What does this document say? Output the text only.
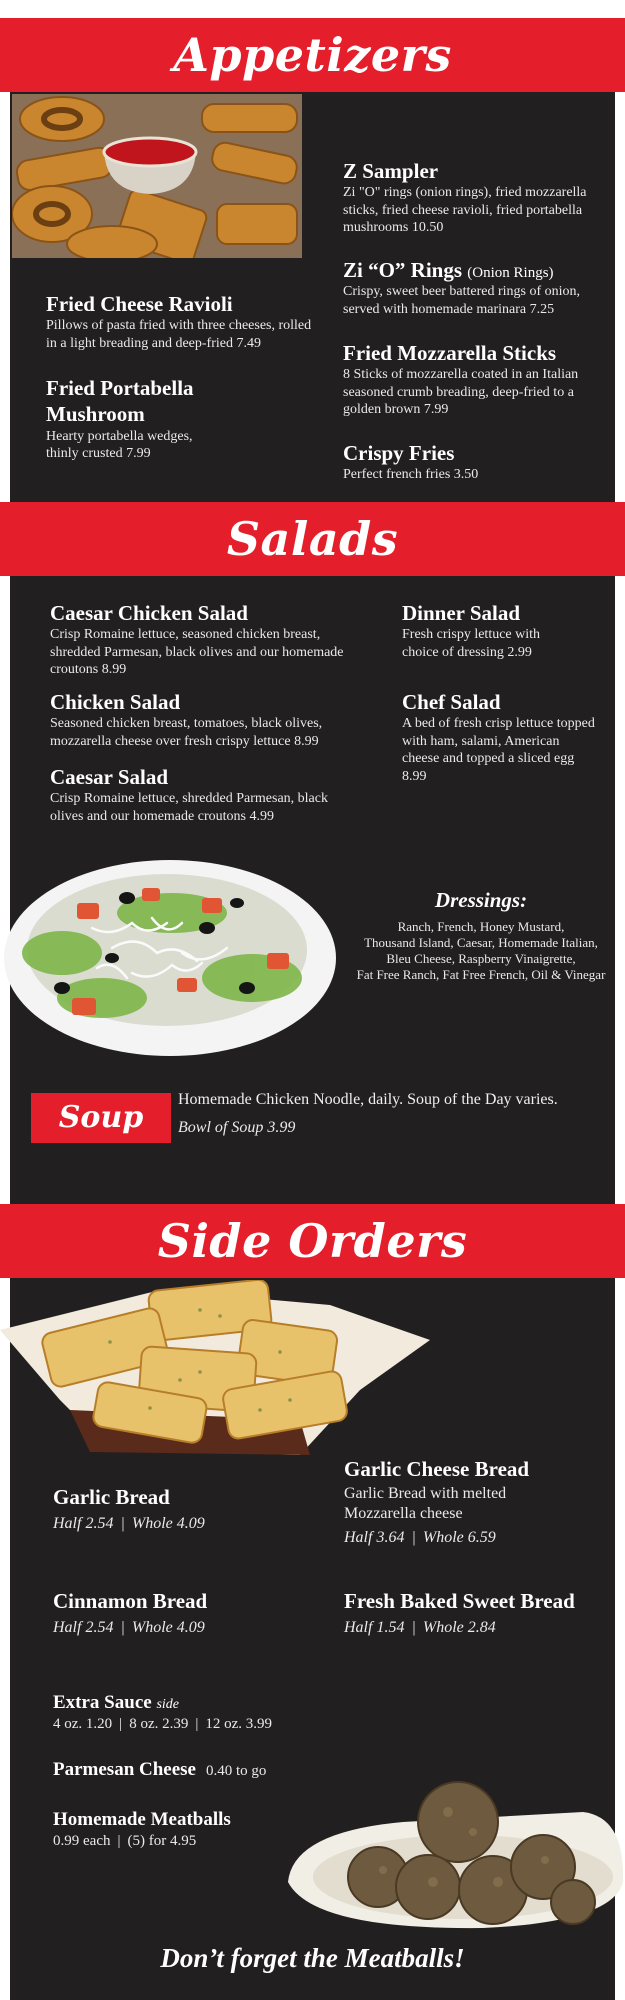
Appetizers
Fried Cheese Ravioli
Pillows of pasta fried with three cheeses, rolled in a light breading and deep-fried 7.49
Fried Portabella Mushroom
Hearty portabella wedges, thinly crusted 7.99
Z Sampler
Zi "O" rings (onion rings), fried mozzarella sticks, fried cheese ravioli, fried portabella mushrooms 10.50
Zi “O” Rings (Onion Rings)
Crispy, sweet beer battered rings of onion, served with homemade marinara 7.25
Fried Mozzarella Sticks
8 Sticks of mozzarella coated in an Italian seasoned crumb breading, deep-fried to a golden brown 7.99
Crispy Fries
Perfect french fries 3.50
Salads
Caesar Chicken Salad
Crisp Romaine lettuce, seasoned chicken breast, shredded Parmesan, black olives and our homemade croutons 8.99
Chicken Salad
Seasoned chicken breast, tomatoes, black olives, mozzarella cheese over fresh crispy lettuce 8.99
Caesar Salad
Crisp Romaine lettuce, shredded Parmesan, black olives and our homemade croutons 4.99
Dinner Salad
Fresh crispy lettuce with choice of dressing 2.99
Chef Salad
A bed of fresh crisp lettuce topped with ham, salami, American cheese and topped a sliced egg 8.99
Dressings:
Ranch, French, Honey Mustard,
Thousand Island, Caesar, Homemade Italian,
Bleu Cheese, Raspberry Vinaigrette,
Fat Free Ranch, Fat Free French, Oil & Vinegar
Soup
Homemade Chicken Noodle, daily. Soup of the Day varies.
Bowl of Soup 3.99
Side Orders
Garlic Bread
Half 2.54 | Whole 4.09
Cinnamon Bread
Half 2.54 | Whole 4.09
Garlic Cheese Bread
Garlic Bread with melted Mozzarella cheese
Half 3.64 | Whole 6.59
Fresh Baked Sweet Bread
Half 1.54 | Whole 2.84
Extra Sauce side
4 oz. 1.20 | 8 oz. 2.39 | 12 oz. 3.99
Parmesan Cheese 0.40 to go
Homemade Meatballs
0.99 each | (5) for 4.95
Don’t forget the Meatballs!
